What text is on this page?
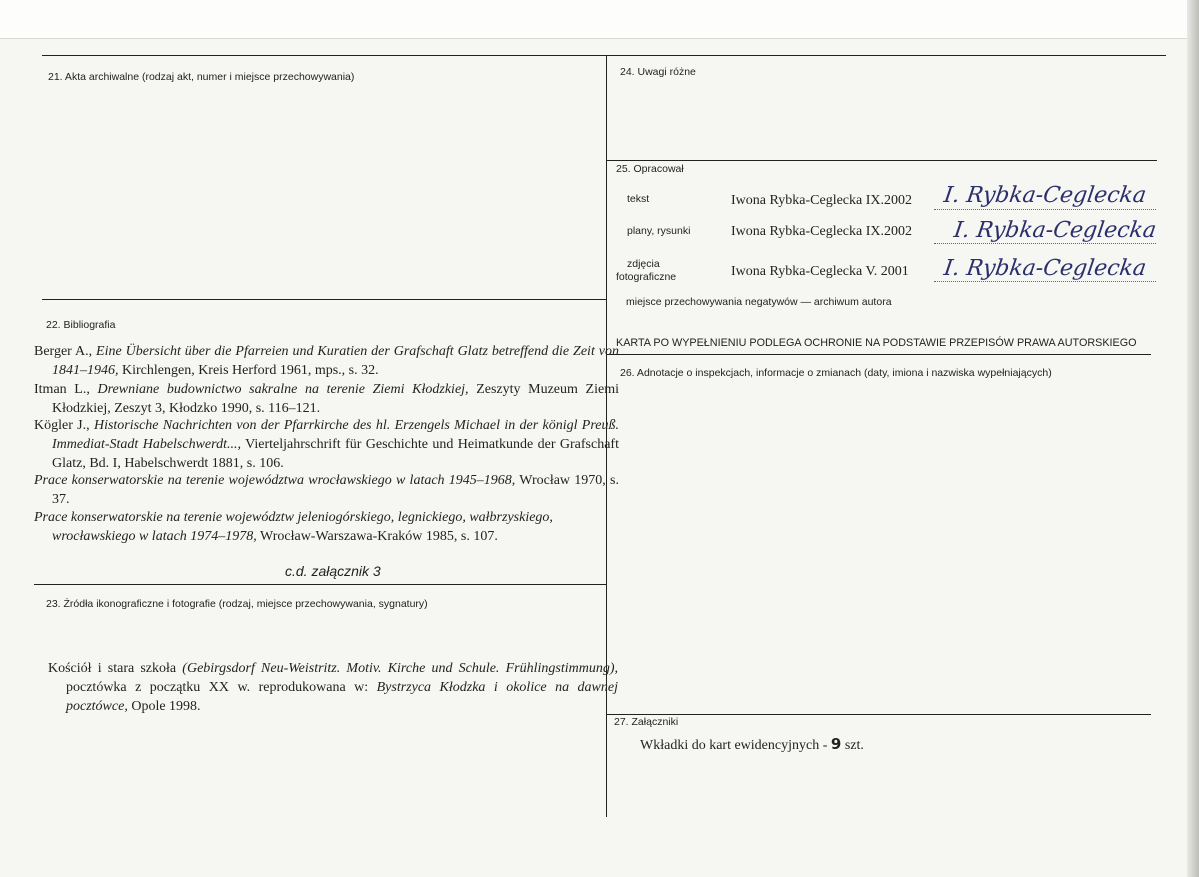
21. Akta archiwalne (rodzaj akt, numer i miejsce przechowywania)
22. Bibliografia
Berger A., Eine Übersicht über die Pfarreien und Kuratien der Grafschaft Glatz betreffend die Zeit von 1841–1946, Kirchlengen, Kreis Herford 1961, mps., s. 32.
Itman L., Drewniane budownictwo sakralne na terenie Ziemi Kłodzkiej, Zeszyty Muzeum Ziemi Kłodzkiej, Zeszyt 3, Kłodzko 1990, s. 116–121.
Kögler J., Historische Nachrichten von der Pfarrkirche des hl. Erzengels Michael in der königl Preuß. Immediat-Stadt Habelschwerdt..., Vierteljahrschrift für Geschichte und Heimatkunde der Grafschaft Glatz, Bd. I, Habelschwerdt 1881, s. 106.
Prace konserwatorskie na terenie województwa wrocławskiego w latach 1945–1968, Wrocław 1970, s. 37.
Prace konserwatorskie na terenie województw jeleniogórskiego, legnickiego, wałbrzyskiego, wrocławskiego w latach 1974–1978, Wrocław-Warszawa-Kraków 1985, s. 107.
c.d. załącznik 3
23. Źródła ikonograficzne i fotografie (rodzaj, miejsce przechowywania, sygnatury)
Kościół i stara szkoła (Gebirgsdorf Neu-Weistritz. Motiv. Kirche und Schule. Frühlingstimmung), pocztówka z początku XX w. reprodukowana w: Bystrzyca Kłodzka i okolice na dawnej pocztówce, Opole 1998.
24. Uwagi różne
25. Opracował
tekst	Iwona Rybka-Ceglecka IX.2002 I. Rybka-Ceglecka
plany, rysunki	Iwona Rybka-Ceglecka IX.2002 I. Rybka-Ceglecka
zdjęcia
fotograficzne	Iwona Rybka-Ceglecka V. 2001 I. Rybka-Ceglecka
miejsce przechowywania negatywów — archiwum autora
KARTA PO WYPEŁNIENIU PODLEGA OCHRONIE NA PODSTAWIE PRZEPISÓW PRAWA AUTORSKIEGO
26. Adnotacje o inspekcjach, informacje o zmianach (daty, imiona i nazwiska wypełniających)
27. Załączniki
Wkładki do kart ewidencyjnych - 9 szt.
